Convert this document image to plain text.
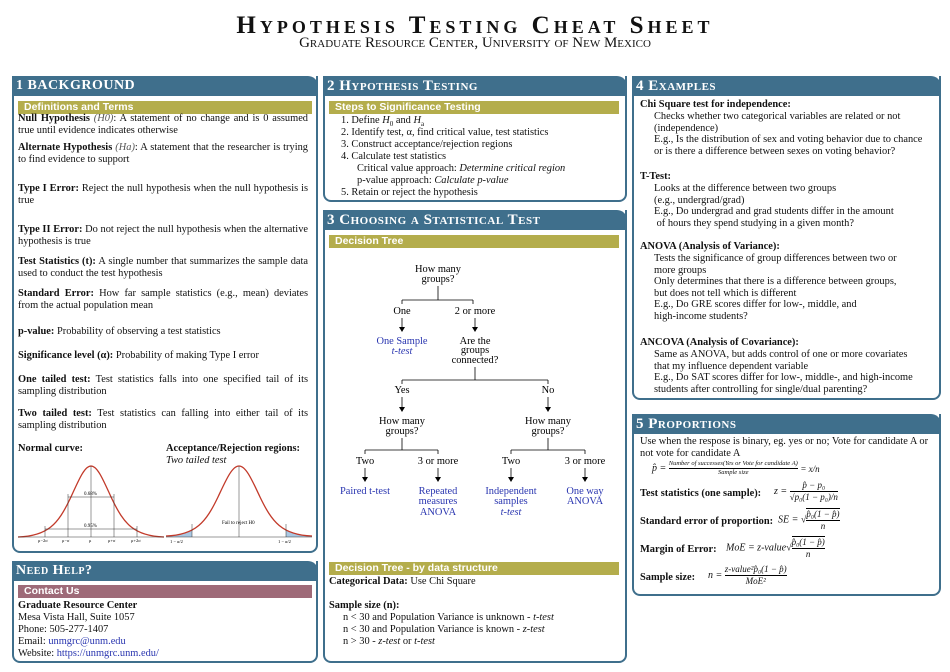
Hypothesis Testing Cheat Sheet
Graduate Resource Center, University of New Mexico
1 BACKGROUND
Definitions and Terms
Null Hypothesis (H0): A statement of no change and is 0 assumed true until evidence indicates otherwise
Alternate Hypothesis (Ha): A statement that the researcher is trying to find evidence to support
Type I Error: Reject the null hypothesis when the null hypothesis is true
Type II Error: Do not reject the null hypothesis when the alternative hypothesis is true
Test Statistics (t): A single number that summarizes the sample data used to conduct the test hypothesis
Standard Error: How far sample statistics (e.g., mean) deviates from the actual population mean
p-value: Probability of observing a test statistics
Significance level (α): Probability of making Type I error
One tailed test: Test statistics falls into one specified tail of its sampling distribution
Two tailed test: Test statistics can falling into either tail of its sampling distribution
Normal curve:	Acceptance/Rejection regions:
Two tailed test
0.68%
0.95%
μ−2σ	μ−σ	μ	μ+σ	μ+2σ
Fail to reject H0
1 − α/2	1 − α/2
Need Help?
Contact Us
Graduate Resource Center
Mesa Vista Hall, Suite 1057
Phone: 505-277-1407
Email: unmgrc@unm.edu
Website: https://unmgrc.unm.edu/
2 Hypothesis Testing
Steps to Significance Testing
1. Define $H_0$ and $H_a$
2. Identify test, α, find critical value, test statistics
3. Construct acceptance/rejection regions
4. Calculate test statistics
Critical value approach: Determine critical region
p-value approach: Calculate p-value
5. Retain or reject the hypothesis
3 Choosing a Statistical Test
Decision Tree
How many
groups?
One	2 or more
One Sample
t-test
Are the
groups
connected?
Yes	No
How many
groups?
How many
groups?
Two	3 or more	Two	3 or more
Paired t-test	Repeated
measures
ANOVA
Independent
samples
t-test
One way
ANOVA
Decision Tree - by data structure
Categorical Data: Use Chi Square
Sample size (n):
n < 30 and Population Variance is unknown - t-test
n < 30 and Population Variance is known - z-test
n > 30 - z-test or t-test
4 Examples
Chi Square test for independence:
Checks whether two categorical variables are related or not
(independence)
E.g., Is the distribution of sex and voting behavior due to chance
or is there a difference between sexes on voting behavior?
T-Test:
Looks at the difference between two groups
(e.g., undergrad/grad)
E.g., Do undergrad and grad students differ in the amount
of hours they spend studying in a given month?
ANOVA (Analysis of Variance):
Tests the significance of group differences between two or
more groups
Only determines that there is a difference between groups,
but does not tell which is different
E.g., Do GRE scores differ for low-, middle, and
high-income students?
ANCOVA (Analysis of Covariance):
Same as ANOVA, but adds control of one or more covariates
that my influence dependent variable
E.g., Do SAT scores differ for low-, middle-, and high-income
students after controlling for single/dual parenting?
5 Proportions
Use when the respose is binary, eg. yes or no; Vote for candidate A or not vote for candidate A
p̂ = Number of successes(Yes or Vote for candidate A)
Sample size	= x/n
Test statistics (one sample): $z = \frac{\text{p̂ − p₀}}{\text{√p₀(1 − p₀)/n}}$
Standard error of proportion: SE = √ $\frac{\text{p̂₀(1 − p̂)}}{n}$
Margin of Error: MoE = z-value√ $\frac{\text{p̂₀(1 − p̂)}}{n}$
Sample size: n =
z-value²p̂₀(1 − p̂)
MoE²
